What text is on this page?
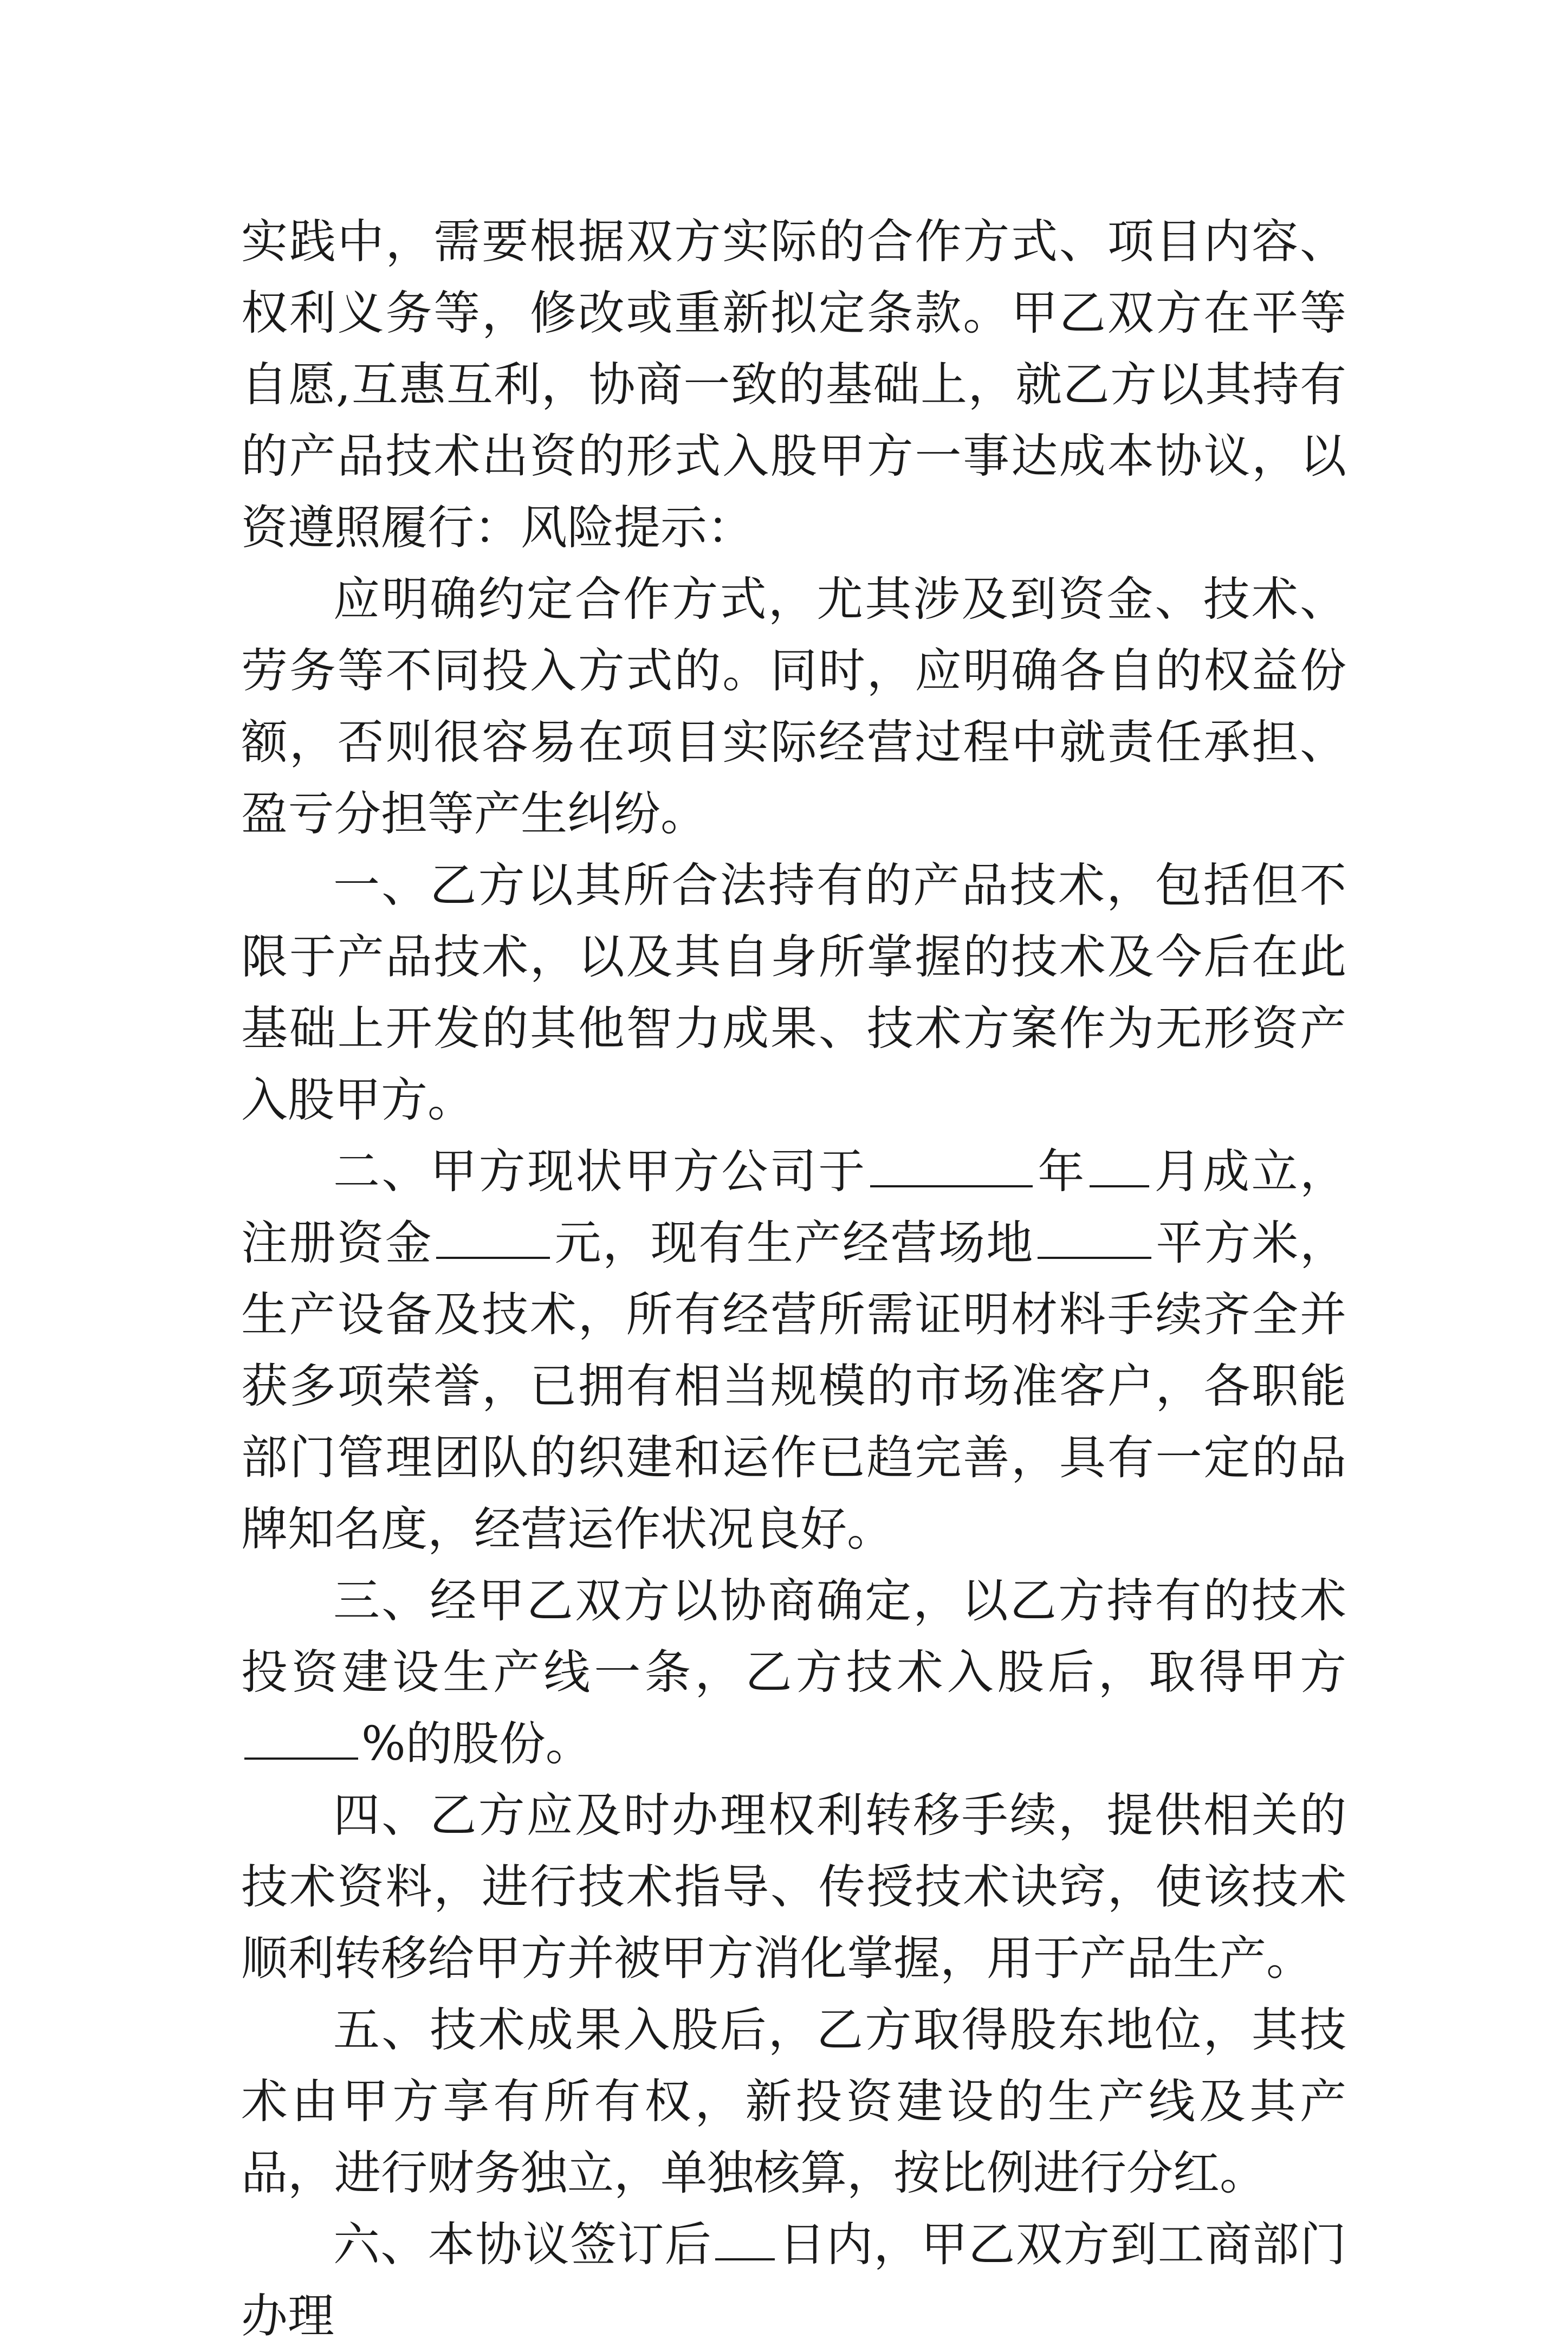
实践中，需要根据双方实际的合作方式、项目内容、权利义务等，修改或重新拟定条款。甲乙双方在平等自愿,互惠互利，协商一致的基础上，就乙方以其持有的产品技术出资的形式入股甲方一事达成本协议，以资遵照履行：风险提示：

应明确约定合作方式，尤其涉及到资金、技术、劳务等不同投入方式的。同时，应明确各自的权益份额，否则很容易在项目实际经营过程中就责任承担、盈亏分担等产生纠纷。

一、乙方以其所合法持有的产品技术，包括但不限于产品技术，以及其自身所掌握的技术及今后在此基础上开发的其他智力成果、技术方案作为无形资产入股甲方。

二、甲方现状甲方公司于	年 月成立，注册资金	元，现有生产经营场地	平方米，生产设备及技术，所有经营所需证明材料手续齐全并获多项荣誉，已拥有相当规模的市场准客户，各职能部门管理团队的织建和运作已趋完善，具有一定的品牌知名度，经营运作状况良好。

三、经甲乙双方以协商确定，以乙方持有的技术投资建设生产线一条，乙方技术入股后，取得甲方%的股份。

四、乙方应及时办理权利转移手续，提供相关的技术资料，进行技术指导、传授技术诀窍，使该技术顺利转移给甲方并被甲方消化掌握，用于产品生产。

五、技术成果入股后，乙方取得股东地位，其技术由甲方享有所有权，新投资建设的生产线及其产品，进行财务独立，单独核算，按比例进行分红。

六、本协议签订后 日内，甲乙双方到工商部门办理
